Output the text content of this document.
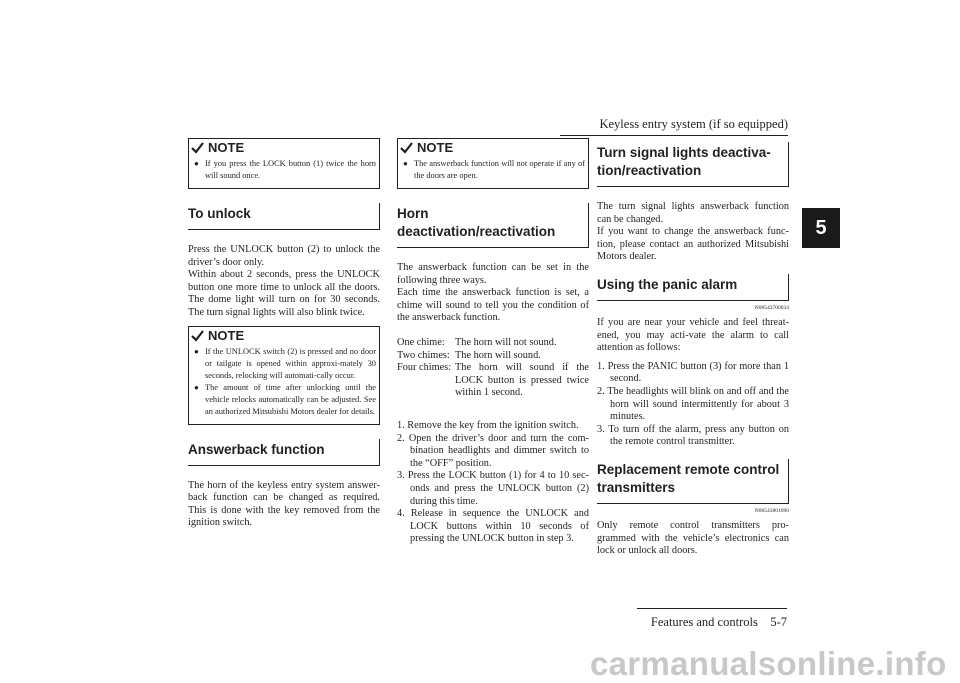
Keyless entry system (if so equipped)
5
NOTE
● If you press the LOCK button (1) twice the horn will sound once.
To unlock

Press the UNLOCK button (2) to unlock the driver’s door only.
Within about 2 seconds, press the UNLOCK button one more time to unlock all the doors. The dome light will turn on for 30 seconds. The turn signal lights will also blink twice.

NOTE
● If the UNLOCK switch (2) is pressed and no door or tailgate is opened within approxi-mately 30 seconds, relocking will automati-cally occur.
● The amount of time after unlocking until the vehicle relocks automatically can be adjusted. See an authorized Mitsubishi Motors dealer for details.
Answerback function

The horn of the keyless entry system answer-back function can be changed as required. This is done with the key removed from the ignition switch.

NOTE
● The answerback function will not operate if any of the doors are open.
Horn deactivation/reactivation

The answerback function can be set in the following three ways.
Each time the answerback function is set, a chime will sound to tell you the condition of the answerback function.

One chime: The horn will not sound.
Two chimes: The horn will sound.
Four chimes: The horn will sound if the LOCK button is pressed twice within 1 second.
1. Remove the key from the ignition switch.
2. Open the driver’s door and turn the com-bination headlights and dimmer switch to the “OFF” position.
3. Press the LOCK button (1) for 4 to 10 sec-onds and press the UNLOCK button (2) during this time.
4. Release in sequence the UNLOCK and LOCK buttons within 10 seconds of pressing the UNLOCK button in step 3.
Turn signal lights deactiva-tion/reactivation

The turn signal lights answerback function can be changed.
If you want to change the answerback func-tion, please contact an authorized Mitsubishi Motors dealer.

Using the panic alarm
N00543700034

If you are near your vehicle and feel threat-ened, you may acti-vate the alarm to call attention as follows:

1. Press the PANIC button (3) for more than 1 second.
2. The headlights will blink on and off and the horn will sound intermittently for about 3 minutes.
3. To turn off the alarm, press any button on the remote control transmitter.
Replacement remote control transmitters
N00543801090

Only remote control transmitters pro-grammed with the vehicle’s electronics can lock or unlock all doors.

Features and controls 5-7
carmanualsonline.info
